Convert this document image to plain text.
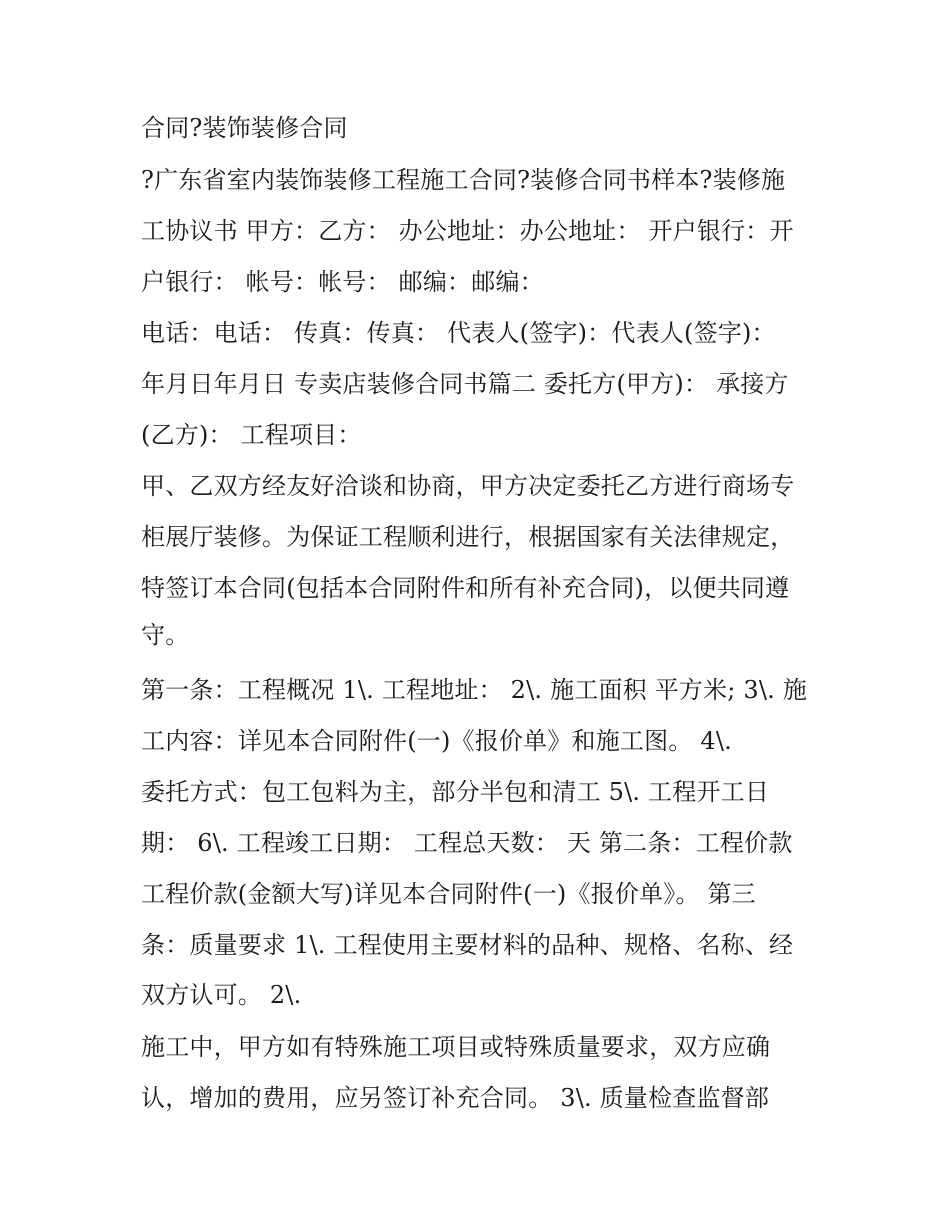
合同?装饰装修合同
?广东省室内装饰装修工程施工合同?装修合同书样本?装修施
工协议书 甲方：乙方： 办公地址：办公地址： 开户银行：开
户银行： 帐号：帐号： 邮编：邮编：
电话：电话： 传真：传真： 代表人(签字)：代表人(签字)：
年月日年月日 专卖店装修合同书篇二 委托方(甲方)： 承接方
(乙方)： 工程项目：
甲、乙双方经友好洽谈和协商，甲方决定委托乙方进行商场专
柜展厅装修。为保证工程顺利进行，根据国家有关法律规定，
特签订本合同(包括本合同附件和所有补充合同)，以便共同遵
守。
第一条：工程概况 1\. 工程地址： 2\. 施工面积 平方米; 3\. 施
工内容：详见本合同附件(一)《报价单》和施工图。 4\.
委托方式：包工包料为主，部分半包和清工 5\. 工程开工日
期： 6\. 工程竣工日期： 工程总天数： 天 第二条：工程价款
工程价款(金额大写)详见本合同附件(一)《报价单》。 第三
条：质量要求 1\. 工程使用主要材料的品种、规格、名称、经
双方认可。 2\.
施工中，甲方如有特殊施工项目或特殊质量要求，双方应确
认，增加的费用，应另签订补充合同。 3\. 质量检查监督部
